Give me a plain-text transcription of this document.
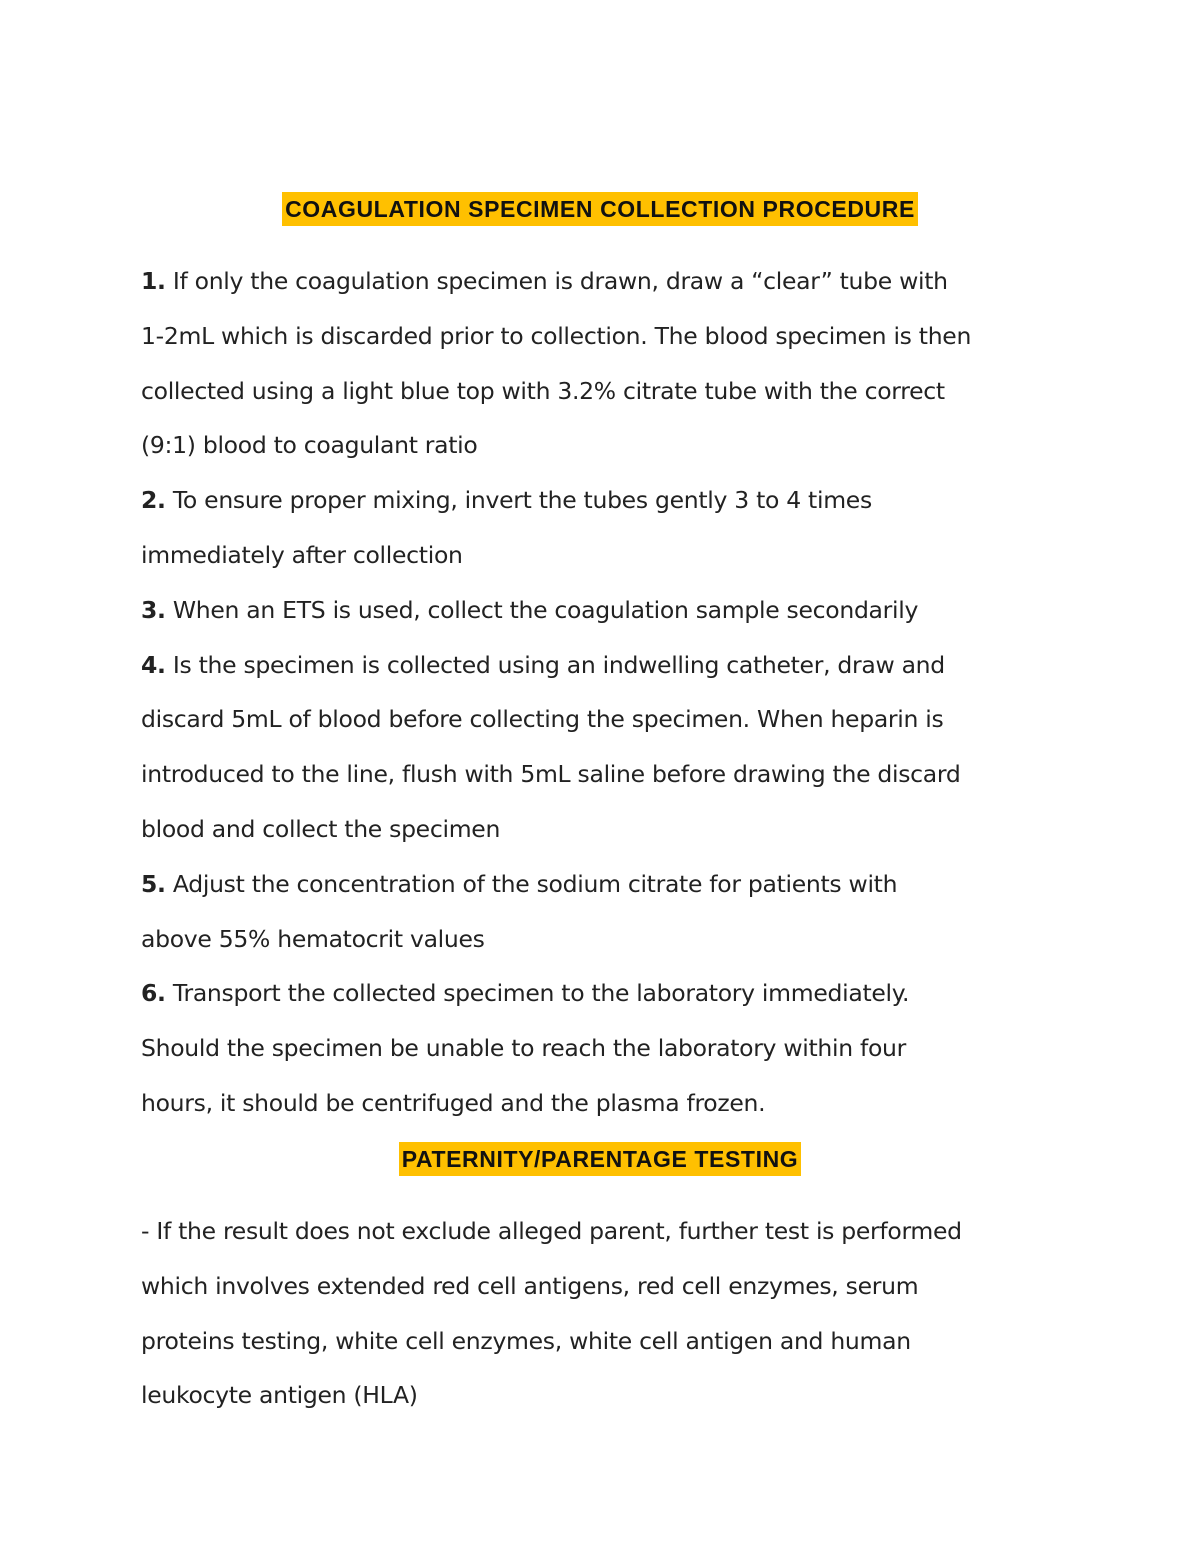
COAGULATION SPECIMEN COLLECTION PROCEDURE
1. If only the coagulation specimen is drawn, draw a “clear” tube with
1-2mL which is discarded prior to collection. The blood specimen is then
collected using a light blue top with 3.2% citrate tube with the correct
(9:1) blood to coagulant ratio
2. To ensure proper mixing, invert the tubes gently 3 to 4 times
immediately after collection
3. When an ETS is used, collect the coagulation sample secondarily
4. Is the specimen is collected using an indwelling catheter, draw and
discard 5mL of blood before collecting the specimen. When heparin is
introduced to the line, flush with 5mL saline before drawing the discard
blood and collect the specimen
5. Adjust the concentration of the sodium citrate for patients with
above 55% hematocrit values
6. Transport the collected specimen to the laboratory immediately.
Should the specimen be unable to reach the laboratory within four
hours, it should be centrifuged and the plasma frozen.
PATERNITY/PARENTAGE TESTING
- If the result does not exclude alleged parent, further test is performed
which involves extended red cell antigens, red cell enzymes, serum
proteins testing, white cell enzymes, white cell antigen and human
leukocyte antigen (HLA)
